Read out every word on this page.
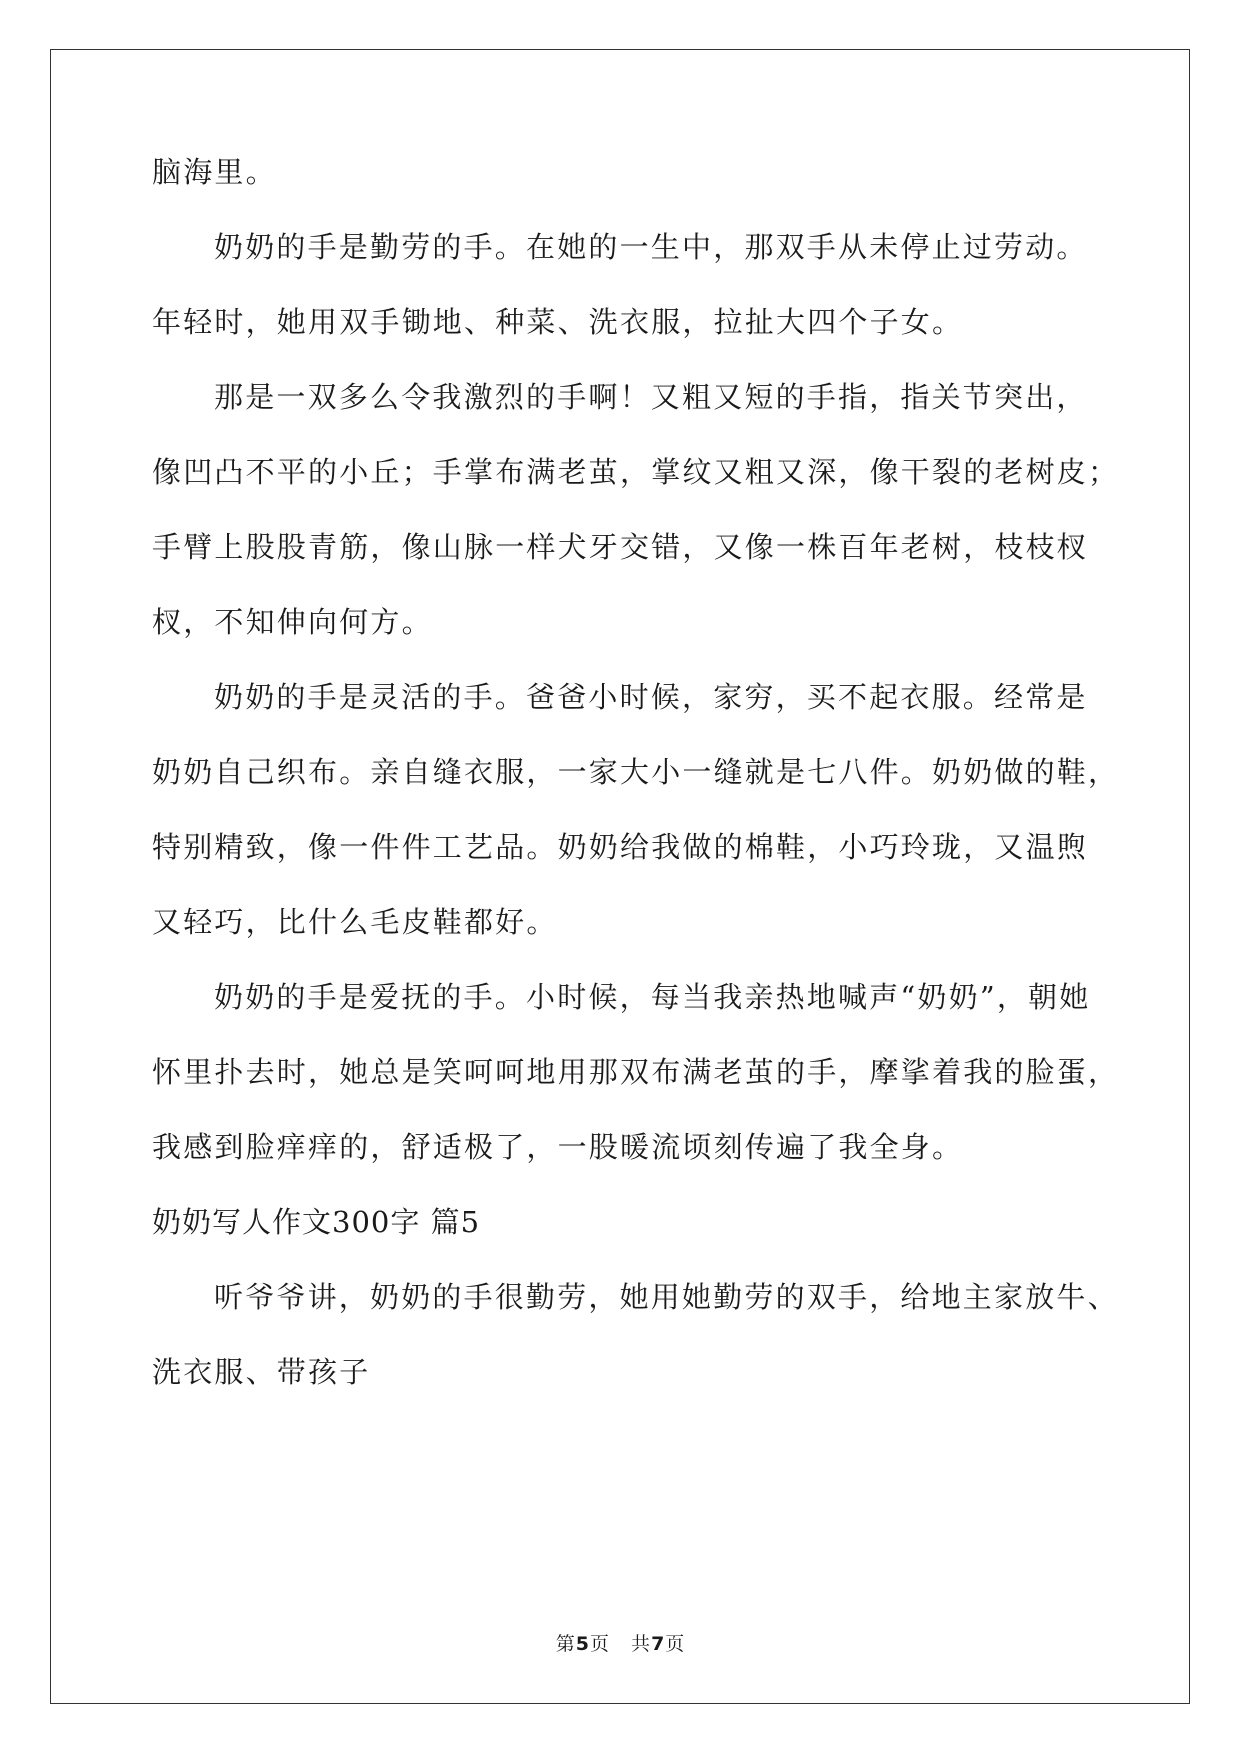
脑海里。
奶奶的手是勤劳的手。在她的一生中，那双手从未停止过劳动。
年轻时，她用双手锄地、种菜、洗衣服，拉扯大四个子女。
那是一双多么令我激烈的手啊！又粗又短的手指，指关节突出，
像凹凸不平的小丘；手掌布满老茧，掌纹又粗又深，像干裂的老树皮；
手臂上股股青筋，像山脉一样犬牙交错，又像一株百年老树，枝枝杈
杈，不知伸向何方。
奶奶的手是灵活的手。爸爸小时候，家穷，买不起衣服。经常是
奶奶自己织布。亲自缝衣服，一家大小一缝就是七八件。奶奶做的鞋，
特别精致，像一件件工艺品。奶奶给我做的棉鞋，小巧玲珑，又温煦
又轻巧，比什么毛皮鞋都好。
奶奶的手是爱抚的手。小时候，每当我亲热地喊声“奶奶”，朝她
怀里扑去时，她总是笑呵呵地用那双布满老茧的手，摩挲着我的脸蛋，
我感到脸痒痒的，舒适极了，一股暖流顷刻传遍了我全身。
奶奶写人作文300字 篇5
听爷爷讲，奶奶的手很勤劳，她用她勤劳的双手，给地主家放牛、
洗衣服、带孩子
第5页   共7页
